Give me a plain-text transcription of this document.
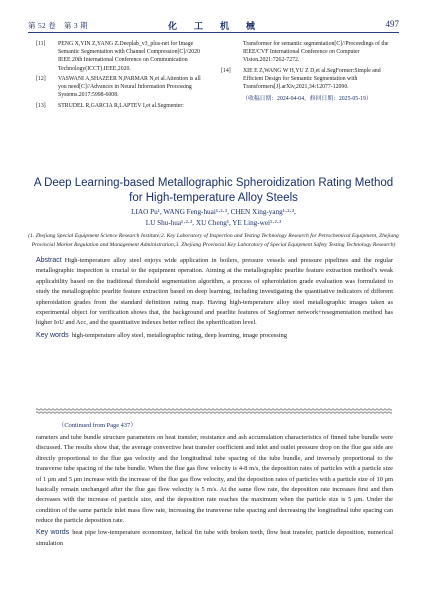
第 52 卷　第 3 期	化　工　机　械	497
[11] PENG X,YIN Z,YANG Z.Deeplab_v3_plus-net for Image Semantic Segmentation with Channel Compression[C]//2020 IEEE 20th International Conference on Communication Technology(ICCT).IEEE,2020.
[12] VASWANI A,SHAZEER N,PARMAR N,et al.Attention is all you need[C]//Advances in Neural Information Processing Systems.2017:5998-6008.
[13] STRUDEL R,GARCIA R,LAPTEV I,et al.Segmenter:
Transformer for semantic segmentation[C]//Proceedings of the IEEE/CVF International Conference on Computer Vision.2021:7262-7272.
[14] XIE E Z,WANG W H,YU Z D,et al.SegFormer:Simple and Efficient Design for Semantic Segmentation with Transformers[J].arXiv,2021,34:12077-12090.
（收稿日期：2024-04-04，修回日期：2025-05-19）
A Deep Learning-based Metallographic Spheroidization Rating Method for High-temperature Alloy Steels
LIAO Pu¹, WANG Feng-huai¹·²·³, CHEN Xing-yang¹·²·³,
LU Shu-hua¹·²·³, XU Cheng¹, YE Ling-wei¹·²·³
(1. Zhejiang Special Equipment Science Research Institute;2. Key Laboratory of Inspection and Testing Technology Research for Petrochemical Equipment, Zhejiang Provincial Market Regulation and Management Administration;3. Zhejiang Provincial Key Laboratory of Special Equipment Safety Testing Technology Research)
Abstract High-temperature alloy steel enjoys wide application in boilers, pressure vessels and pressure pipelines and the regular metallographic inspection is crucial to the equipment operation. Aiming at the metallographic pearlite feature extraction method’s weak applicability based on the traditional threshold segmentation algorithm, a process of spheroidation grade evaluation was formulated to study the metallographic pearlite feature extraction based on deep learning, including investigating the quantitative indicators of different spheroidation grades from the standard definition rating map. Having high-temperature alloy steel metallographic images taken as experimental object for verification shows that, the background and pearlite features of Segformer network+resegmentation method has higher IoU and Acc, and the quantitative indexes better reflect the spherification level.
Key words high-temperature alloy steel, metallographic rating, deep learning, image processing
（Continued from Page 437）
rameters and tube bundle structure parameters on heat transfer, resistance and ash accumulation characteristics of finned tube bundle were discussed. The results show that, the average convective heat transfer coefficient and inlet and outlet pressure drop on the flue gas side are directly proportional to the flue gas velocity and the longitudinal tube spacing of the tube bundle, and inversely proportional to the transverse tube spacing of the tube bundle. When the flue gas flow velocity is 4-8 m/s, the deposition rates of particles with a particle size of 1 μm and 5 μm increase with the increase of the flue gas flow velocity, and the deposition rates of particles with a particle size of 10 μm basically remain unchanged after the flue gas flow velocity is 5 m/s. At the same flow rate, the deposition rate increases first and then decreases with the increase of particle size, and the deposition rate reaches the maximum when the particle size is 5 μm. Under the condition of the same particle inlet mass flow rate, increasing the transverse tube spacing and decreasing the longitudinal tube spacing can reduce the particle deposition rate.
Key words heat pipe low-temperature economizer, helical fin tube with broken teeth, flow heat transfer, particle deposition, numerical simulation
